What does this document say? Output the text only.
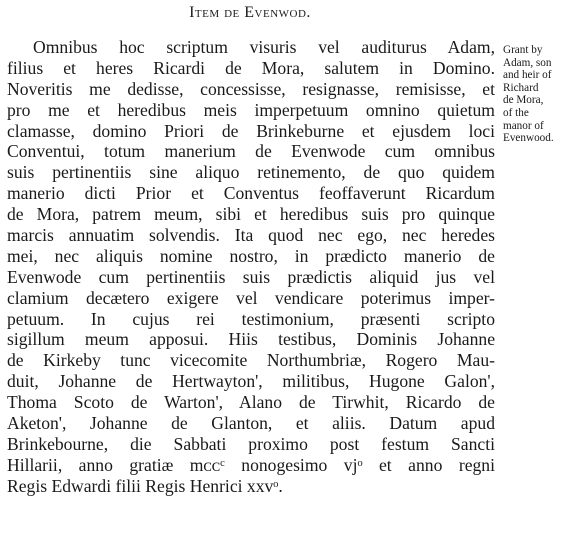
Item de Evenwod.
Omnibus hoc scriptum visuris vel auditurus Adam,
filius et heres Ricardi de Mora, salutem in Domino.
Noveritis me dedisse, concessisse, resignasse, remisisse, et
pro me et heredibus meis imperpetuum omnino quietum
clamasse, domino Priori de Brinkeburne et ejusdem loci
Conventui, totum manerium de Evenwode cum omnibus
suis pertinentiis sine aliquo retinemento, de quo quidem
manerio dicti Prior et Conventus feoffaverunt Ricardum
de Mora, patrem meum, sibi et heredibus suis pro quinque
marcis annuatim solvendis. Ita quod nec ego, nec heredes
mei, nec aliquis nomine nostro, in prædicto manerio de
Evenwode cum pertinentiis suis prædictis aliquid jus vel
clamium decætero exigere vel vendicare poterimus imper-
petuum. In cujus rei testimonium, præsenti scripto
sigillum meum apposui. Hiis testibus, Dominis Johanne
de Kirkeby tunc vicecomite Northumbriæ, Rogero Mau-
duit, Johanne de Hertwayton', militibus, Hugone Galon',
Thoma Scoto de Warton', Alano de Tirwhit, Ricardo de
Aketon', Johanne de Glanton, et aliis. Datum apud
Brinkebourne, die Sabbati proximo post festum Sancti
Hillarii, anno gratiæ mᴄᴄᶜ nonogesimo vjᵒ et anno regni
Regis Edwardi filii Regis Henrici xxvᵒ.
Grant by
Adam, son
and heir of
Richard
de Mora,
of the
manor of
Evenwood.
